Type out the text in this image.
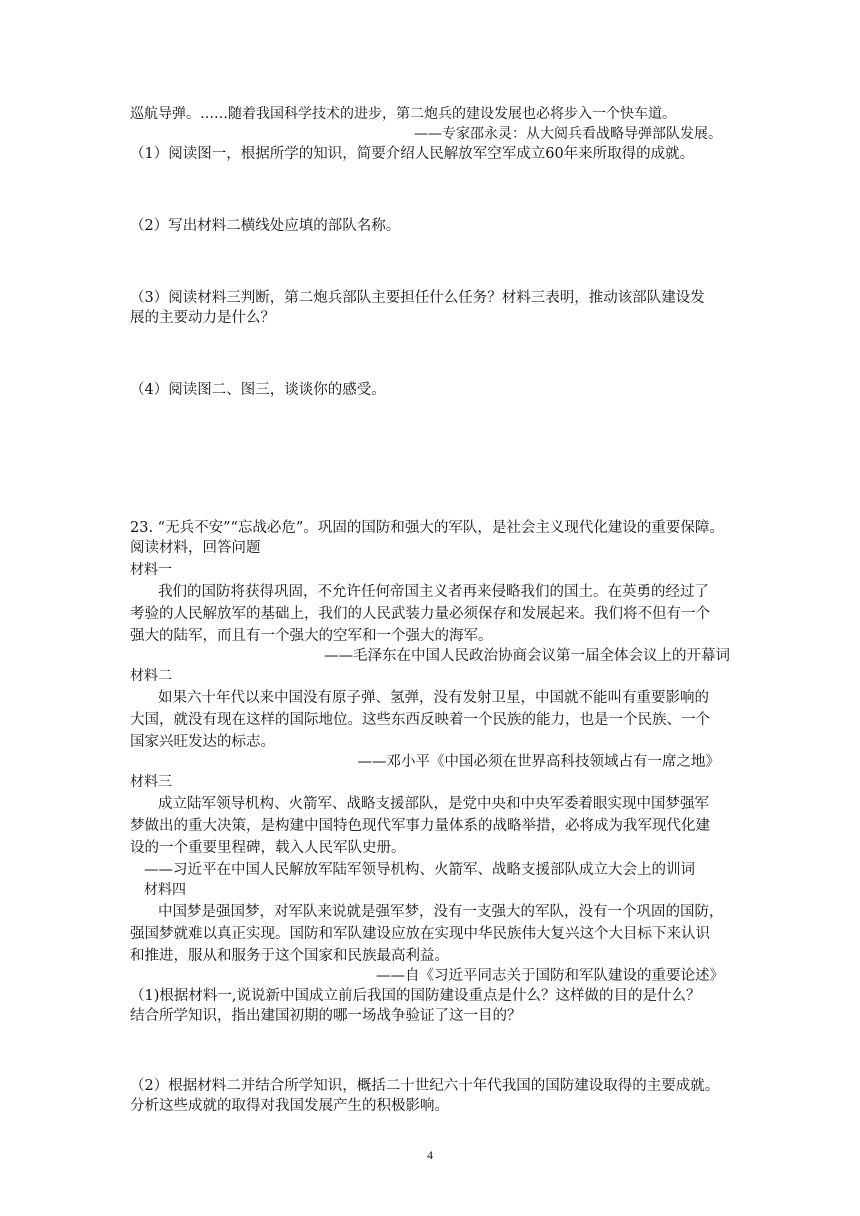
巡航导弹。……随着我国科学技术的进步，第二炮兵的建设发展也必将步入一个快车道。
——专家邵永灵：从大阅兵看战略导弹部队发展。
（1）阅读图一，根据所学的知识，简要介绍人民解放军空军成立60年来所取得的成就。
（2）写出材料二横线处应填的部队名称。
（3）阅读材料三判断，第二炮兵部队主要担任什么任务？材料三表明，推动该部队建设发
展的主要动力是什么？
（4）阅读图二、图三，谈谈你的感受。
23. “无兵不安”“忘战必危”。巩固的国防和强大的军队，是社会主义现代化建设的重要保障。
阅读材料，回答问题
材料一
我们的国防将获得巩固，不允许任何帝国主义者再来侵略我们的国土。在英勇的经过了
考验的人民解放军的基础上，我们的人民武装力量必须保存和发展起来。我们将不但有一个
强大的陆军，而且有一个强大的空军和一个强大的海军。
——毛泽东在中国人民政治协商会议第一届全体会议上的开幕词
材料二
如果六十年代以来中国没有原子弹、氢弹，没有发射卫星，中国就不能叫有重要影响的
大国，就没有现在这样的国际地位。这些东西反映着一个民族的能力，也是一个民族、一个
国家兴旺发达的标志。
——邓小平《中国必须在世界高科技领域占有一席之地》
材料三
成立陆军领导机构、火箭军、战略支援部队，是党中央和中央军委着眼实现中国梦强军
梦做出的重大决策，是构建中国特色现代军事力量体系的战略举措，必将成为我军现代化建
设的一个重要里程碑，载入人民军队史册。
——习近平在中国人民解放军陆军领导机构、火箭军、战略支援部队成立大会上的训词
材料四
中国梦是强国梦，对军队来说就是强军梦，没有一支强大的军队，没有一个巩固的国防，
强国梦就难以真正实现。国防和军队建设应放在实现中华民族伟大复兴这个大目标下来认识
和推进，服从和服务于这个国家和民族最高利益。
——自《习近平同志关于国防和军队建设的重要论述》
（1)根据材料一,说说新中国成立前后我国的国防建设重点是什么？这样做的目的是什么？
结合所学知识，指出建国初期的哪一场战争验证了这一目的？
（2）根据材料二并结合所学知识，概括二十世纪六十年代我国的国防建设取得的主要成就。
分析这些成就的取得对我国发展产生的积极影响。
4
